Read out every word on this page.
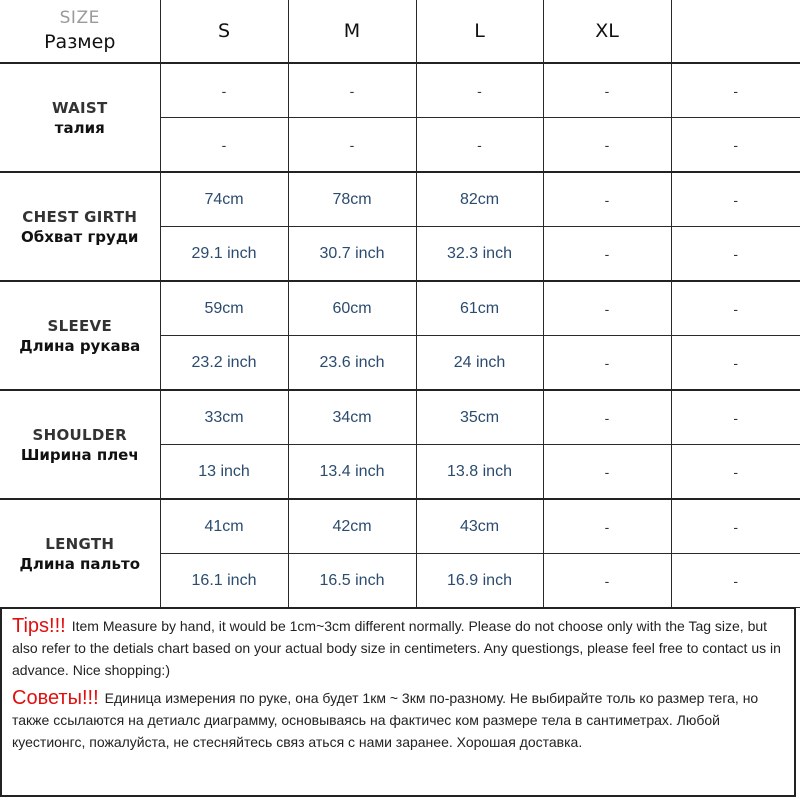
SIZE
Размер	S	M	L	XL	

WAIST
талия	-	-	-	-	-
	-	-	-	-	-

CHEST GIRTH
Обхват груди	74cm	78cm	82cm	-	-
	29.1 inch	30.7 inch	32.3 inch	-	-

SLEEVE
Длина рукава	59cm	60cm	61cm	-	-
	23.2 inch	23.6 inch	24 inch	-	-

SHOULDER
Ширина плеч	33cm	34cm	35cm	-	-
	13 inch	13.4 inch	13.8 inch	-	-

LENGTH
Длина пальто	41cm	42cm	43cm	-	-
	16.1 inch	16.5 inch	16.9 inch	-	-
Tips!!! Item Measure by hand, it would be 1cm~3cm different normally. Please do not choose only with the Tag size, but also refer to the detials chart based on your actual body size in centimeters. Any questiongs, please feel free to contact us in advance. Nice shopping:)
Советы!!! Единица измерения по руке, она будет 1км ~ 3км по-разному. Не выбирайте толь ко размер тега, но также ссылаются на детиалс диаграмму, основываясь на фактичес ком размере тела в сантиметрах. Любой куестионгс, пожалуйста, не стесняйтесь связ аться с нами заранее. Хорошая доставка.
